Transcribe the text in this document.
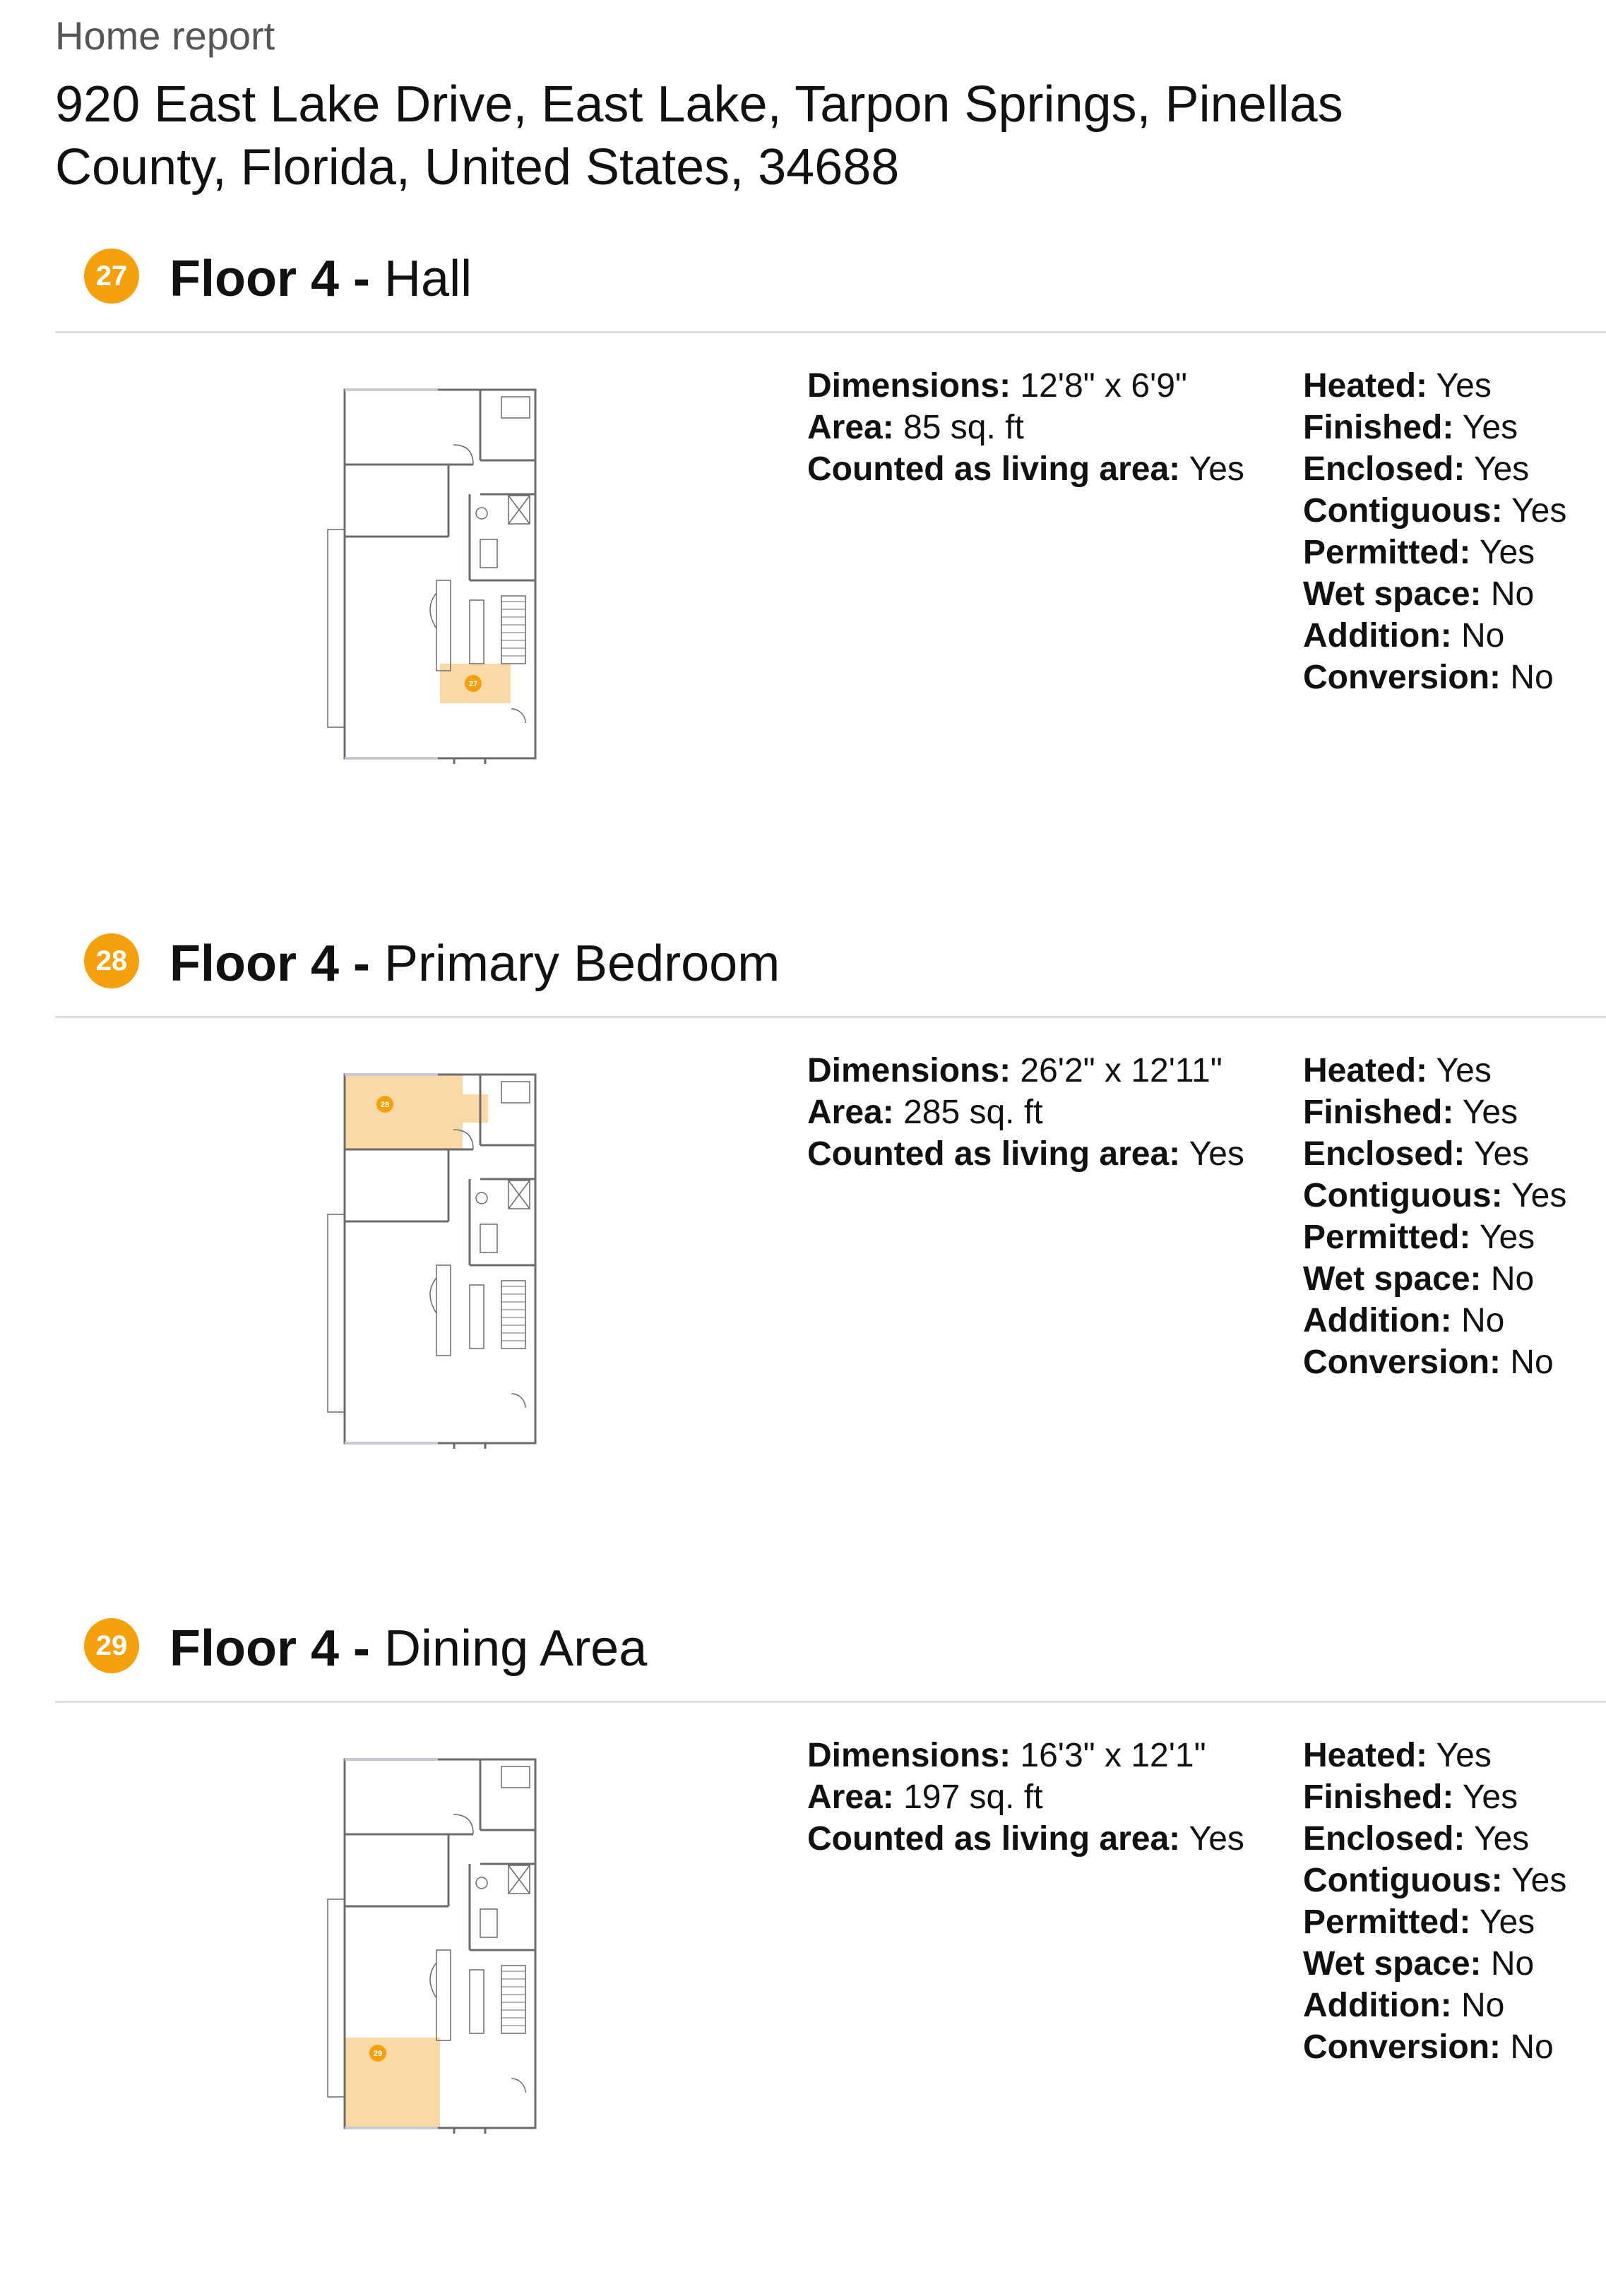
Home report
920 East Lake Drive, East Lake, Tarpon Springs, Pinellas County, Florida, United States, 34688
27 Floor 4 - Hall
27
Dimensions: 12'8" x 6'9"
Area: 85 sq. ft
Counted as living area: Yes
Heated: Yes
Finished: Yes
Enclosed: Yes
Contiguous: Yes
Permitted: Yes
Wet space: No
Addition: No
Conversion: No
28 Floor 4 - Primary Bedroom
28
Dimensions: 26'2" x 12'11"
Area: 285 sq. ft
Counted as living area: Yes
Heated: Yes
Finished: Yes
Enclosed: Yes
Contiguous: Yes
Permitted: Yes
Wet space: No
Addition: No
Conversion: No
29 Floor 4 - Dining Area
29
Dimensions: 16'3" x 12'1"
Area: 197 sq. ft
Counted as living area: Yes
Heated: Yes
Finished: Yes
Enclosed: Yes
Contiguous: Yes
Permitted: Yes
Wet space: No
Addition: No
Conversion: No
